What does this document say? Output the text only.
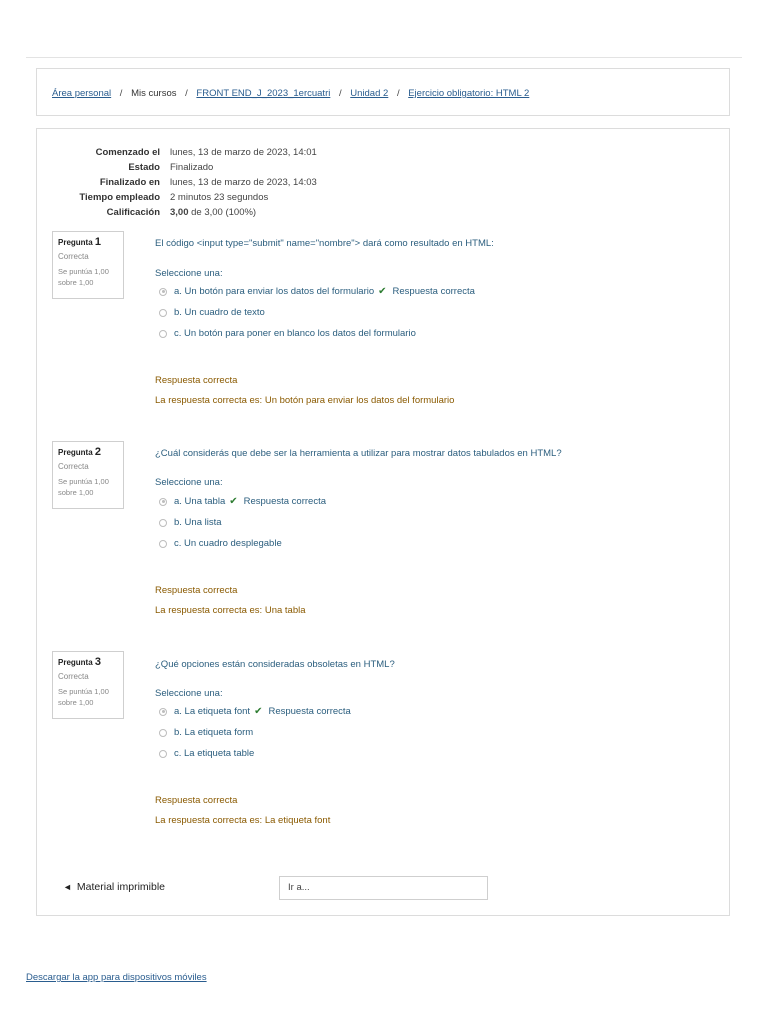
Área personal / Mis cursos / FRONT END_J_2023_1ercuatri / Unidad 2 / Ejercicio obligatorio: HTML 2
Comenzado el	lunes, 13 de marzo de 2023, 14:01
Estado	Finalizado
Finalizado en	lunes, 13 de marzo de 2023, 14:03
Tiempo empleado	2 minutos 23 segundos
Calificación	3,00 de 3,00 (100%)
Pregunta 1
Correcta
Se puntúa 1,00 sobre 1,00
El código <input type="submit" name="nombre"> dará como resultado en HTML:
Seleccione una:
a. Un botón para enviar los datos del formulario ✔ Respuesta correcta
b. Un cuadro de texto
c. Un botón para poner en blanco los datos del formulario
Respuesta correcta
La respuesta correcta es: Un botón para enviar los datos del formulario
Pregunta 2
Correcta
Se puntúa 1,00 sobre 1,00
¿Cuál considerás que debe ser la herramienta a utilizar para mostrar datos tabulados en HTML?
Seleccione una:
a. Una tabla ✔ Respuesta correcta
b. Una lista
c. Un cuadro desplegable
Respuesta correcta
La respuesta correcta es: Una tabla
Pregunta 3
Correcta
Se puntúa 1,00 sobre 1,00
¿Qué opciones están consideradas obsoletas en HTML?
Seleccione una:
a. La etiqueta font ✔ Respuesta correcta
b. La etiqueta form
c. La etiqueta table
Respuesta correcta
La respuesta correcta es: La etiqueta font
◄ Material imprimible	Ir a...
Descargar la app para dispositivos móviles
